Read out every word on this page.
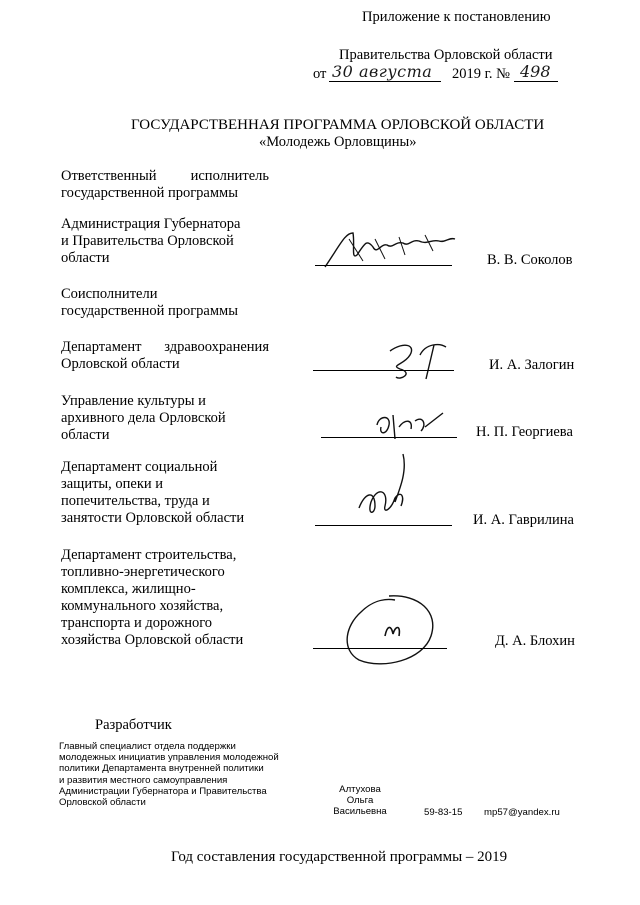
Приложение к постановлению
Правительства Орловской области
от 30 августа 2019 г. № 498
ГОСУДАРСТВЕННАЯ ПРОГРАММА ОРЛОВСКОЙ ОБЛАСТИ
«Молодежь Орловщины»
Ответственный исполнитель
государственной программы
Администрация Губернатора
и Правительства Орловской
области	В. В. Соколов
Соисполнители
государственной программы
Департамент здравоохранения
Орловской области	И. А. Залогин
Управление культуры и
архивного дела Орловской
области	Н. П. Георгиева
Департамент социальной
защиты, опеки и
попечительства, труда и
занятости Орловской области	И. А. Гаврилина
Департамент строительства,
топливно-энергетического
комплекса, жилищно-
коммунального хозяйства,
транспорта и дорожного
хозяйства Орловской области	Д. А. Блохин
Разработчик
Главный специалист отдела поддержки
молодежных инициатив управления молодежной
политики Департамента внутренней политики
и развития местного самоуправления
Администрации Губернатора и Правительства
Орловской области
Алтухова
Ольга
Васильевна	59-83-15 mp57@yandex.ru
Год составления государственной программы – 2019
